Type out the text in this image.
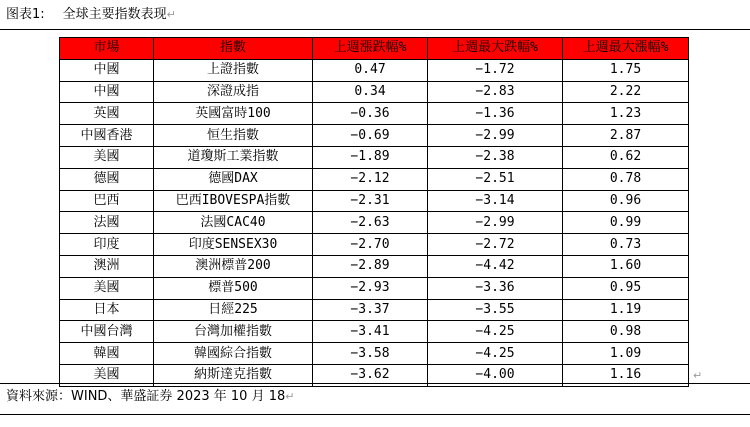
图表1: 全球主要指数表现↵
市場	指數	上週漲跌幅%	上週最大跌幅%	上週最大漲幅%
中國	上證指數	0.47	−1.72	1.75
中國	深證成指	0.34	−2.83	2.22
英國	英國富時100	−0.36	−1.36	1.23
中國香港	恒生指數	−0.69	−2.99	2.87
美國	道瓊斯工業指數	−1.89	−2.38	0.62
德國	德國DAX	−2.12	−2.51	0.78
巴西	巴西IBOVESPA指數	−2.31	−3.14	0.96
法國	法國CAC40	−2.63	−2.99	0.99
印度	印度SENSEX30	−2.70	−2.72	0.73
澳洲	澳洲標普200	−2.89	−4.42	1.60
美國	標普500	−2.93	−3.36	0.95
日本	日經225	−3.37	−3.55	1.19
中國台灣	台灣加權指數	−3.41	−4.25	0.98
韓國	韓國綜合指數	−3.58	−4.25	1.09
美國	納斯達克指數	−3.62	−4.00	1.16	↵
資料來源：WIND、華盛証券 2023 年 10 月 18↵
